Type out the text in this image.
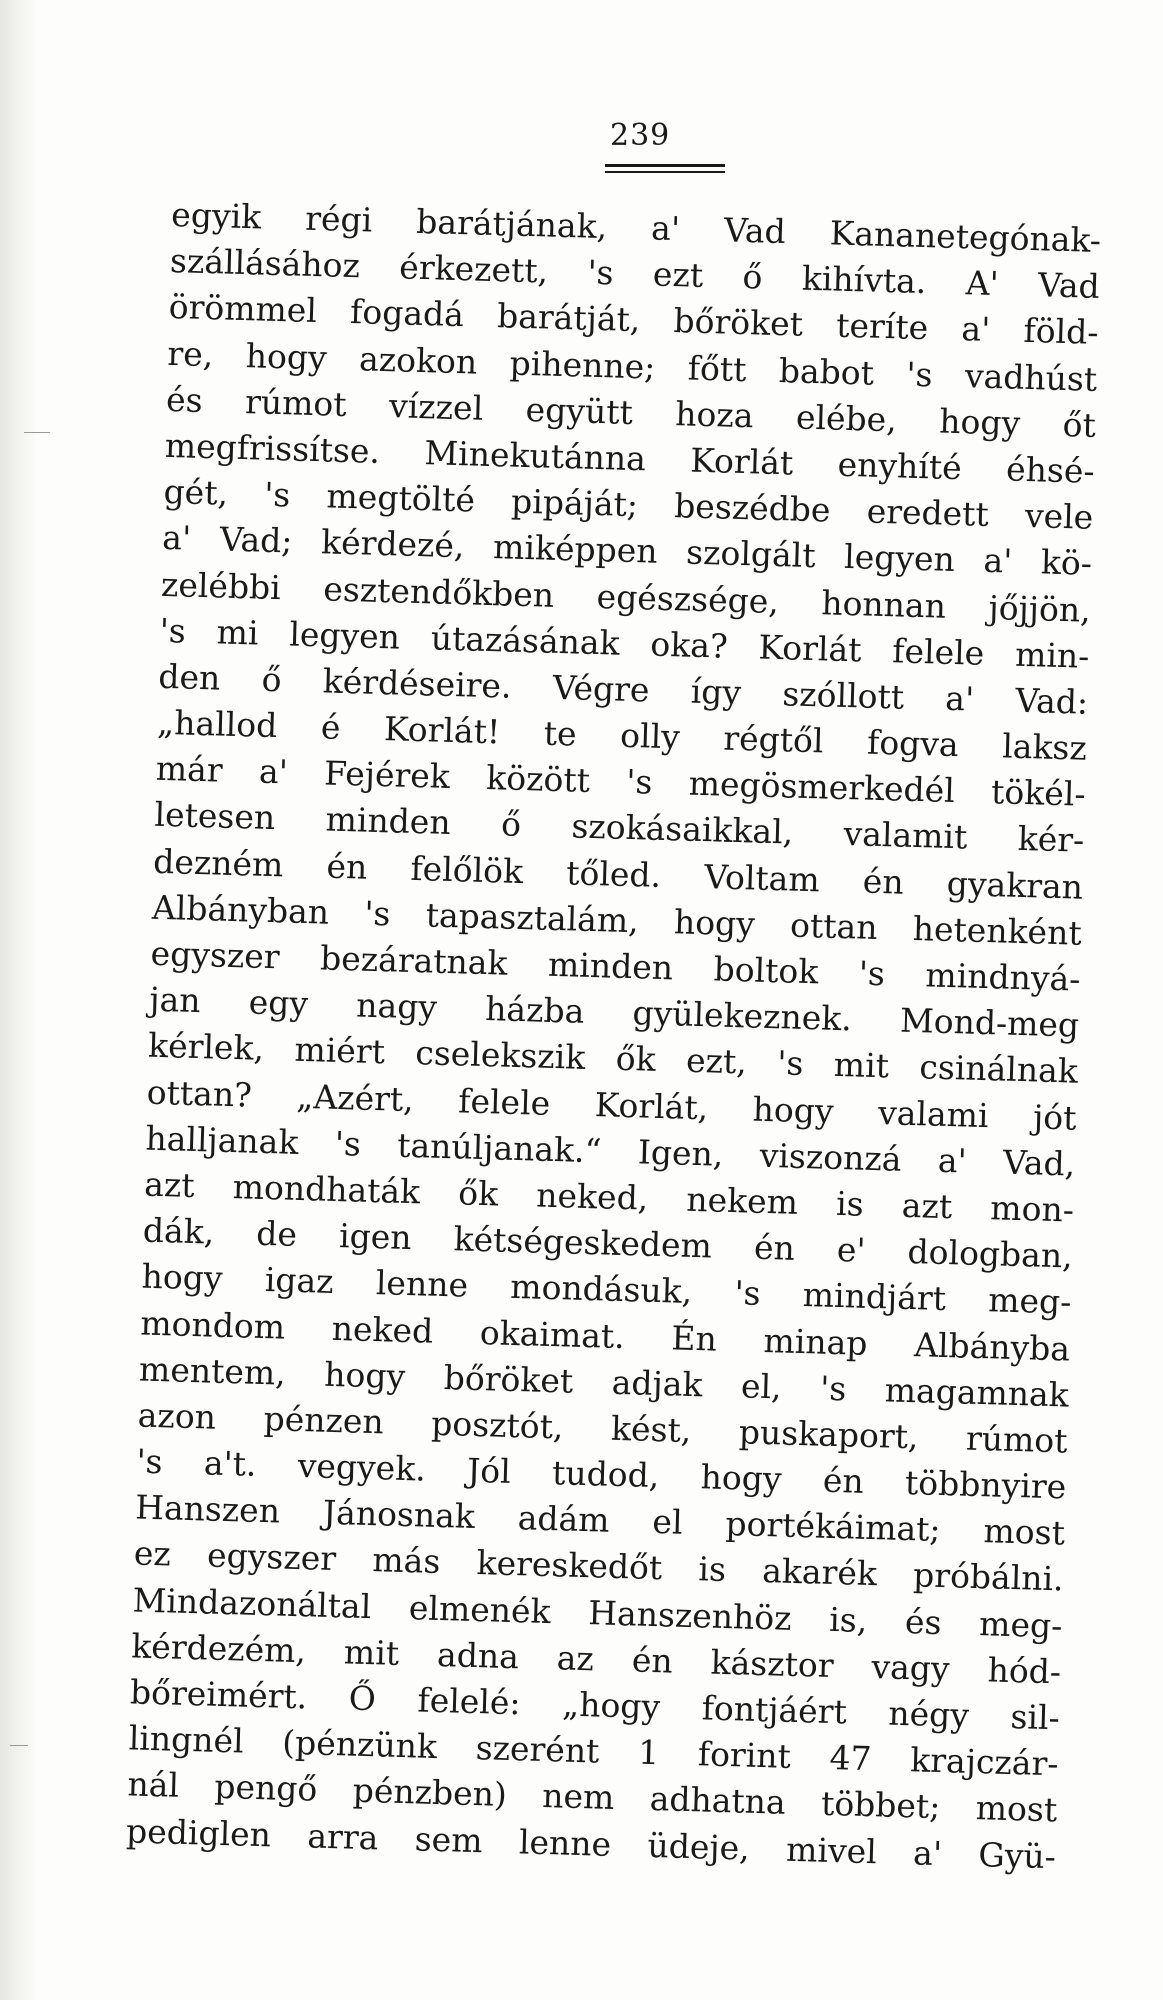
239
egyik régi barátjának, a' Vad Kananetegónak-
szállásához érkezett, 's ezt ő kihívta. A' Vad
örömmel fogadá barátját, bőröket teríte a' föld-
re, hogy azokon pihenne; főtt babot 's vadhúst
és rúmot vízzel együtt hoza elébe, hogy őt
megfrissítse. Minekutánna Korlát enyhíté éhsé-
gét, 's megtölté pipáját; beszédbe eredett vele
a' Vad; kérdezé, miképpen szolgált legyen a' kö-
zelébbi esztendőkben egészsége, honnan jőjjön,
's mi legyen útazásának oka? Korlát felele min-
den ő kérdéseire. Végre így szóllott a' Vad:
„hallod é Korlát! te olly régtől fogva laksz
már a' Fejérek között 's megösmerkedél tökél-
letesen minden ő szokásaikkal, valamit kér-
dezném én felőlök tőled. Voltam én gyakran
Albányban 's tapasztalám, hogy ottan hetenként
egyszer bezáratnak minden boltok 's mindnyá-
jan egy nagy házba gyülekeznek. Mond-meg
kérlek, miért cselekszik ők ezt, 's mit csinálnak
ottan? „Azért, felele Korlát, hogy valami jót
halljanak 's tanúljanak.“ Igen, viszonzá a' Vad,
azt mondhaták ők neked, nekem is azt mon-
dák, de igen kétségeskedem én e' dologban,
hogy igaz lenne mondásuk, 's mindjárt meg-
mondom neked okaimat. Én minap Albányba
mentem, hogy bőröket adjak el, 's magamnak
azon pénzen posztót, kést, puskaport, rúmot
's a't. vegyek. Jól tudod, hogy én többnyire
Hanszen Jánosnak adám el portékáimat; most
ez egyszer más kereskedőt is akarék próbálni.
Mindazonáltal elmenék Hanszenhöz is, és meg-
kérdezém, mit adna az én kásztor vagy hód-
bőreimért. Ő felelé: „hogy fontjáért négy sil-
lingnél (pénzünk szerént 1 forint 47 krajczár-
nál pengő pénzben) nem adhatna többet; most
pediglen arra sem lenne üdeje, mivel a' Gyü-
